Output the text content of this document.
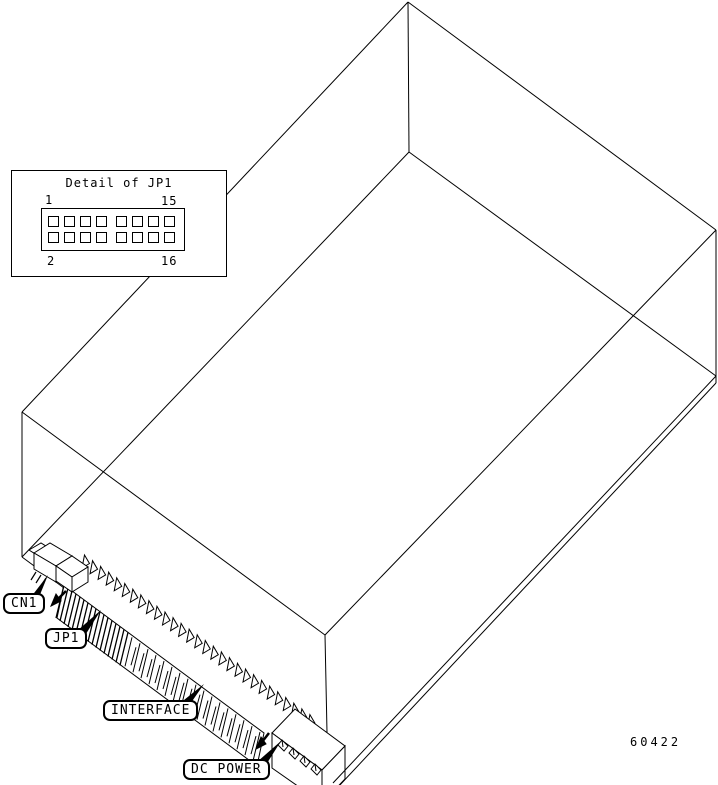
Detail of JP1
1	15
2	16
CN1
JP1
INTERFACE
DC POWER
60422
